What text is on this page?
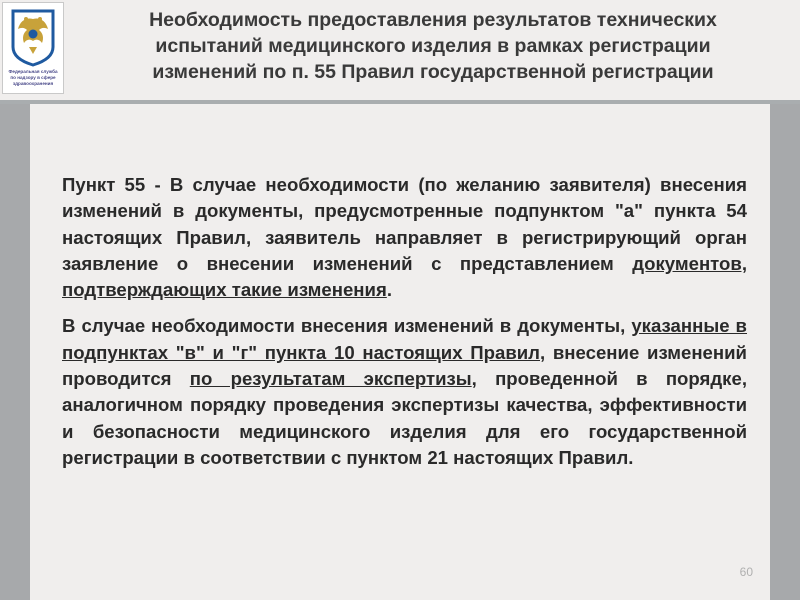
Федеральная служба
по надзору в сфере
здравоохранения
Необходимость предоставления результатов технических
испытаний медицинского изделия в рамках регистрации
изменений по п. 55 Правил государственной регистрации

Пункт 55 - В случае необходимости (по желанию заявителя) внесения изменений в документы, предусмотренные подпунктом "а" пункта 54 настоящих Правил, заявитель направляет в регистрирующий орган заявление о внесении изменений с представлением документов, подтверждающих такие изменения.

В случае необходимости внесения изменений в документы, указанные в подпунктах "в" и "г" пункта 10 настоящих Правил, внесение изменений проводится по результатам экспертизы, проведенной в порядке, аналогичном порядку проведения экспертизы качества, эффективности и безопасности медицинского изделия для его государственной регистрации в соответствии с пунктом 21 настоящих Правил.

60
